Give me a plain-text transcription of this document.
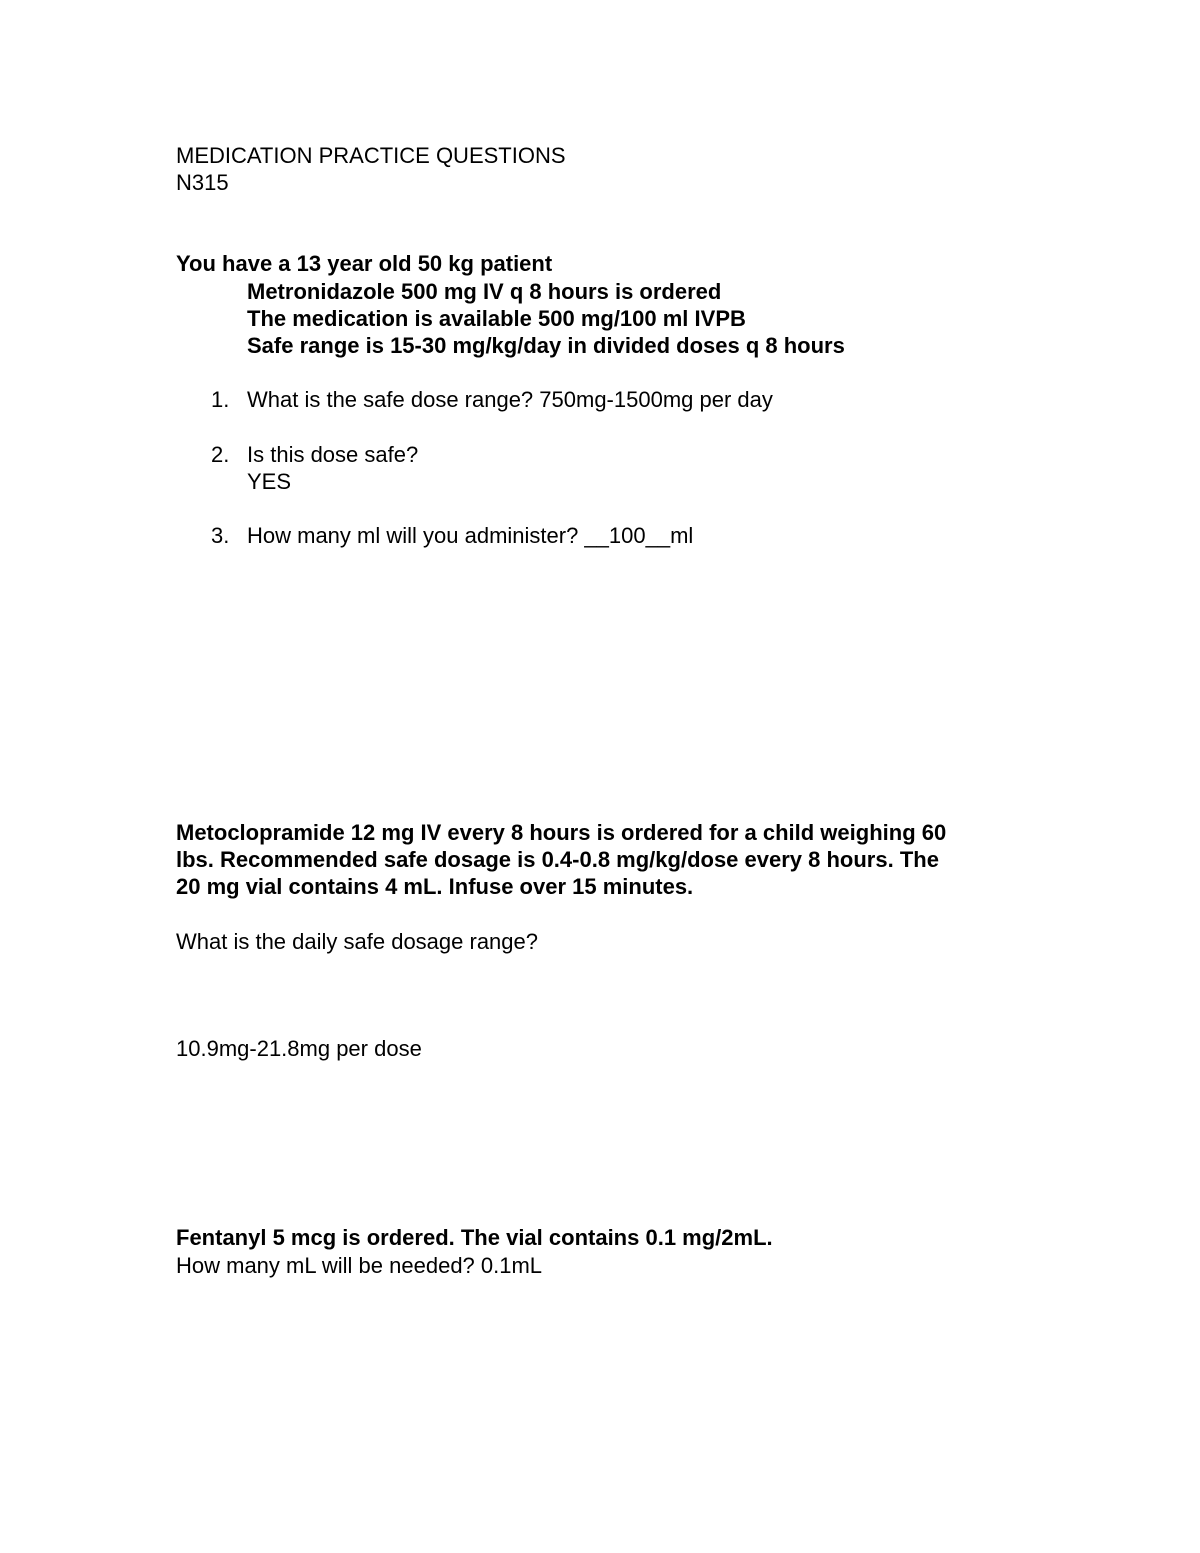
MEDICATION PRACTICE QUESTIONS
N315
You have a 13 year old 50 kg patient
Metronidazole 500 mg IV q 8 hours is ordered
The medication is available 500 mg/100 ml IVPB
Safe range is 15-30 mg/kg/day in divided doses q 8 hours
1. What is the safe dose range? 750mg-1500mg per day
2. Is this dose safe?
YES
3. How many ml will you administer? __100__ml
Metoclopramide 12 mg IV every 8 hours is ordered for a child weighing 60
lbs. Recommended safe dosage is 0.4-0.8 mg/kg/dose every 8 hours. The
20 mg vial contains 4 mL. Infuse over 15 minutes.
What is the daily safe dosage range?
10.9mg-21.8mg per dose
Fentanyl 5 mcg is ordered. The vial contains 0.1 mg/2mL.
How many mL will be needed? 0.1mL
